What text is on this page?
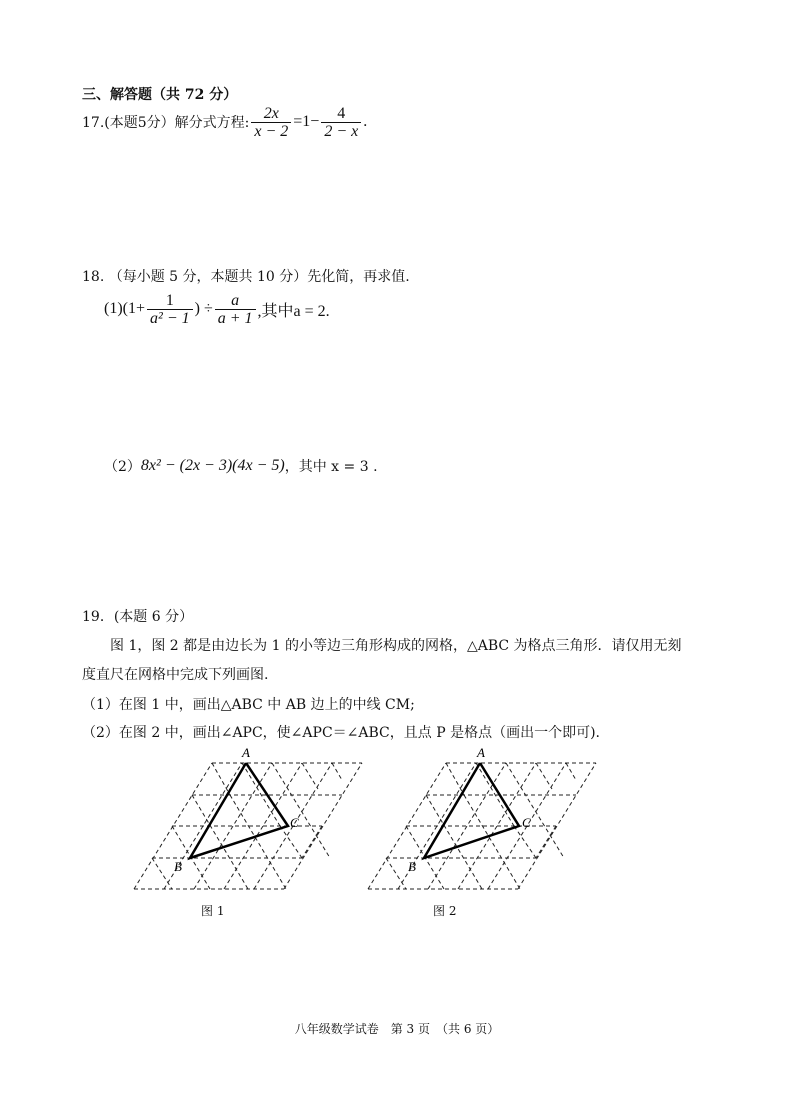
三、解答题（共 72 分）
17.(本题5分）解分式方程: $\frac{2x}{x - 2} =1- \frac{4}{2 - x}$ .
18. （每小题 5 分，本题共 10 分）先化简，再求值.
$(1)(1+ \frac{1}{\text{a² − 1}}$ ) ÷ $\frac{a}{a + 1}$ ,其中a = 2.
（2） 8x² − (2x − 3)(4x − 5) ，其中 x = 3 .
19．(本题 6 分）
图 1，图 2 都是由边长为 1 的小等边三角形构成的网格，△ABC 为格点三角形．请仅用无刻
度直尺在网格中完成下列画图.
（1）在图 1 中，画出△ABC 中 AB 边上的中线 CM;
（2）在图 2 中，画出∠APC，使∠APC＝∠ABC，且点 P 是格点（画出一个即可).
A
B
C
A
B
C
图 1	图 2
八年级数学试卷　第 3 页　（共 6 页）
